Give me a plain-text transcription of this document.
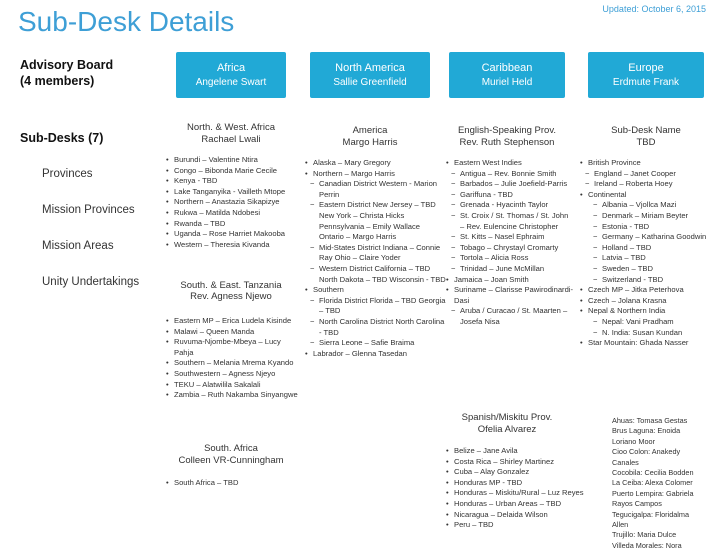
Sub-Desk Details	Updated: October 6, 2015
Advisory Board
(4 members)
Sub-Desks (7)
Provinces
Mission Provinces
Mission Areas
Unity Undertakings
Africa
Angelene Swart
North America
Sallie Greenfield
Caribbean
Muriel Held
Europe
Erdmute Frank
North. & West. Africa
Rachael Lwali
South. & East. Tanzania
Rev. Agness Njewo
South. Africa
Colleen VR-Cunningham
America
Margo Harris
English-Speaking Prov.
Rev. Ruth Stephenson
Spanish/Miskitu Prov.
Ofelia Alvarez
Sub-Desk Name
TBD
• Burundi – Valentine Ntira
• Congo – Bibonda Marie Cecile
• Kenya - TBD
• Lake Tanganyika - Vailleth Mtope
• Northern – Anastazia Sikapizye
• Rukwa – Matilda Ndobesi
• Rwanda – TBD
• Uganda – Rose Harriet Makooba
• Western – Theresia Kivanda
• Eastern MP – Erica Ludela Kisinde
• Malawi – Queen Manda
• Ruvuma-Njombe-Mbeya – Lucy Pahja
• Southern – Melania Mrema Kyando
• Southwestern – Agness Njeyo
• TEKU – Alatwilila Sakalali
• Zambia – Ruth Nakamba Sinyangwe
• South Africa – TBD
• Alaska – Mary Gregory
• Northern – Margo Harris
− Canadian District Western - Marion Perrin
− Eastern District New Jersey – TBD New York – Christa Hicks Pennsylvania – Emily Wallace Ontario – Margo Harris
− Mid-States District Indiana – Connie Ray Ohio – Claire Yoder
− Western District California – TBD North Dakota – TBD Wisconsin - TBD
• Southern
− Florida District Florida – TBD Georgia – TBD
− North Carolina District North Carolina - TBD
− Sierra Leone – Safie Braima
• Labrador – Glenna Tasedan
• Eastern West Indies
− Antigua – Rev. Bonnie Smith
− Barbados – Julie Joefield-Parris
− Gariffuna - TBD
− Grenada - Hyacinth Taylor
− St. Croix / St. Thomas / St. John – Rev. Eulencine Christopher
− St. Kitts – Nasel Ephraim
− Tobago – Chrystayl Cromarty
− Tortola – Alicia Ross
− Trinidad – June McMillan
• Jamaica – Joan Smith
• Suriname – Clarisse Pawirodinardi-Dasi
− Aruba / Curacao / St. Maarten – Josefa Nisa
• Belize – Jane Avila
• Costa Rica – Shirley Martinez
• Cuba – Alay Gonzalez
• Honduras MP - TBD
• Honduras – Miskitu/Rural – Luz Reyes
• Honduras – Urban Areas – TBD
• Nicaragua – Delaida Wilson
• Peru – TBD
• British Province
− England – Janet Cooper
− Ireland – Roberta Hoey
• Continental
− Albania – Vjollca Mazi
− Denmark – Miriam Beyter
− Estonia - TBD
− Germany – Katharina Goodwin
− Holland – TBD
− Latvia – TBD
− Sweden – TBD
− Switzerland - TBD
• Czech MP – Jitka Peterhova
• Czech – Jolana Krasna
• Nepal & Northern India
− Nepal: Vani Pradham
− N. India: Susan Kundan
• Star Mountain: Ghada Nasser
Ahuas: Tomasa Gestas
Brus Laguna: Enoida
Loriano Moor
Cioo Colon: Anakedy
Canales
Cocobila: Cecilia Bodden
La Ceiba: Alexa Colomer
Puerto Lempira: Gabriela
Rayos Campos
Tegucigalpa: Floridalma
Allen
Trujillo: Maria Dulce
Villeda Morales: Nora
